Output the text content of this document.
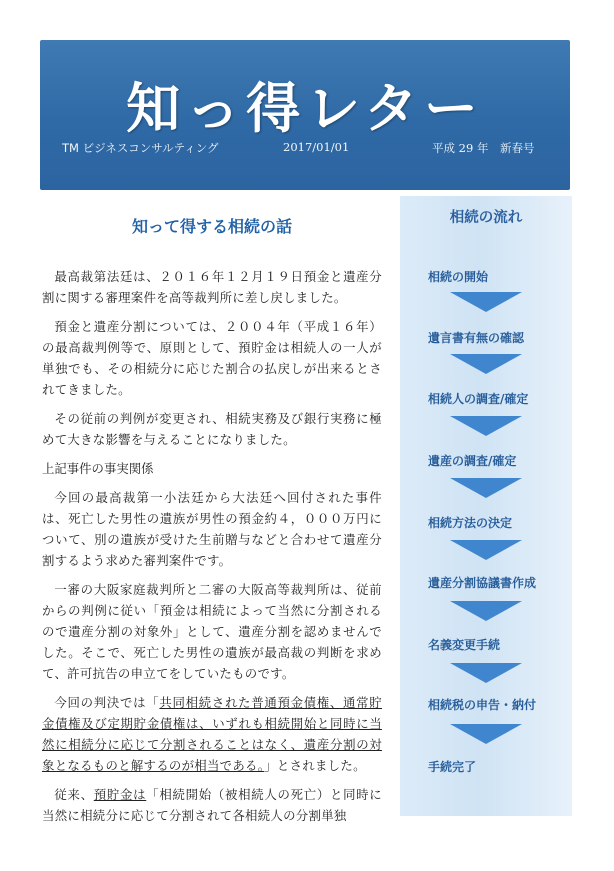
知っ得レター
TM ビジネスコンサルティング	2017/01/01	平成 29 年　新春号
知って得する相続の話

最高裁第法廷は、２０１６年１２月１９日預金と遺産分割に関する審理案件を高等裁判所に差し戻しました。

預金と遺産分割については、２００４年（平成１６年）の最高裁判例等で、原則として、預貯金は相続人の一人が単独でも、その相続分に応じた割合の払戻しが出来るとされてきました。

その従前の判例が変更され、相続実務及び銀行実務に極めて大きな影響を与えることになりました。

上記事件の事実関係

今回の最高裁第一小法廷から大法廷へ回付された事件は、死亡した男性の遺族が男性の預金約４，０００万円について、別の遺族が受けた生前贈与などと合わせて遺産分割するよう求めた審判案件です。

一審の大阪家庭裁判所と二審の大阪高等裁判所は、従前からの判例に従い「預金は相続によって当然に分割されるので遺産分割の対象外」として、遺産分割を認めませんでした。そこで、死亡した男性の遺族が最高裁の判断を求めて、許可抗告の申立てをしていたものです。

今回の判決では「共同相続された普通預金債権、通常貯金債権及び定期貯金債権は、いずれも相続開始と同時に当然に相続分に応じて分割されることはなく、遺産分割の対象となるものと解するのが相当である。」とされました。

従来、預貯金は「相続開始（被相続人の死亡）と同時に当然に相続分に応じて分割されて各相続人の分割単独

相続の流れ
相続の開始
遺言書有無の確認
相続人の調査/確定
遺産の調査/確定
相続方法の決定
遺産分割協議書作成
名義変更手続
相続税の申告・納付
手続完了
